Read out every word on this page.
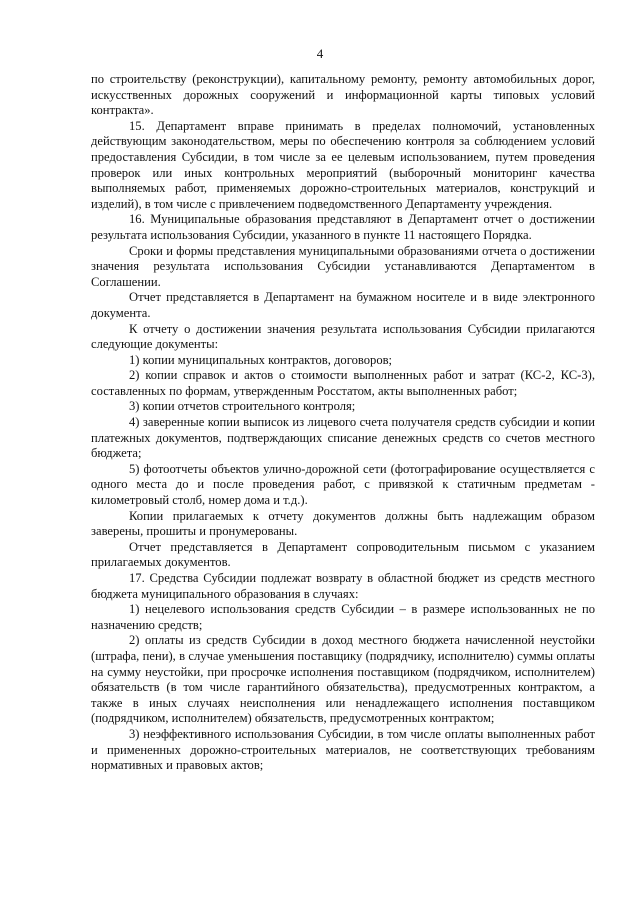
4

по строительству (реконструкции), капитальному ремонту, ремонту автомобильных дорог, искусственных дорожных сооружений и информационной карты типовых условий контракта».

15. Департамент вправе принимать в пределах полномочий, установленных действующим законодательством, меры по обеспечению контроля за соблюдением условий предоставления Субсидии, в том числе за ее целевым использованием, путем проведения проверок или иных контрольных мероприятий (выборочный мониторинг качества выполняемых работ, применяемых дорожно-строительных материалов, конструкций и изделий), в том числе с привлечением подведомственного Департаменту учреждения.

16. Муниципальные образования представляют в Департамент отчет о достижении результата использования Субсидии, указанного в пункте 11 настоящего Порядка.

Сроки и формы представления муниципальными образованиями отчета о достижении значения результата использования Субсидии устанавливаются Департаментом в Соглашении.

Отчет представляется в Департамент на бумажном носителе и в виде электронного документа.

К отчету о достижении значения результата использования Субсидии прилагаются следующие документы:

1) копии муниципальных контрактов, договоров;

2) копии справок и актов о стоимости выполненных работ и затрат (КС-2, КС-3), составленных по формам, утвержденным Росстатом, акты выполненных работ;

3) копии отчетов строительного контроля;

4) заверенные копии выписок из лицевого счета получателя средств субсидии и копии платежных документов, подтверждающих списание денежных средств со счетов местного бюджета;

5) фотоотчеты объектов улично-дорожной сети (фотографирование осуществляется с одного места до и после проведения работ, с привязкой к статичным предметам - километровый столб, номер дома и т.д.).

Копии прилагаемых к отчету документов должны быть надлежащим образом заверены, прошиты и пронумерованы.

Отчет представляется в Департамент сопроводительным письмом с указанием прилагаемых документов.

17. Средства Субсидии подлежат возврату в областной бюджет из средств местного бюджета муниципального образования в случаях:

1) нецелевого использования средств Субсидии – в размере использованных не по назначению средств;

2) оплаты из средств Субсидии в доход местного бюджета начисленной неустойки (штрафа, пени), в случае уменьшения поставщику (подрядчику, исполнителю) суммы оплаты на сумму неустойки, при просрочке исполнения поставщиком (подрядчиком, исполнителем) обязательств (в том числе гарантийного обязательства), предусмотренных контрактом, а также в иных случаях неисполнения или ненадлежащего исполнения поставщиком (подрядчиком, исполнителем) обязательств, предусмотренных контрактом;

3) неэффективного использования Субсидии, в том числе оплаты выполненных работ и примененных дорожно-строительных материалов, не соответствующих требованиям нормативных и правовых актов;
